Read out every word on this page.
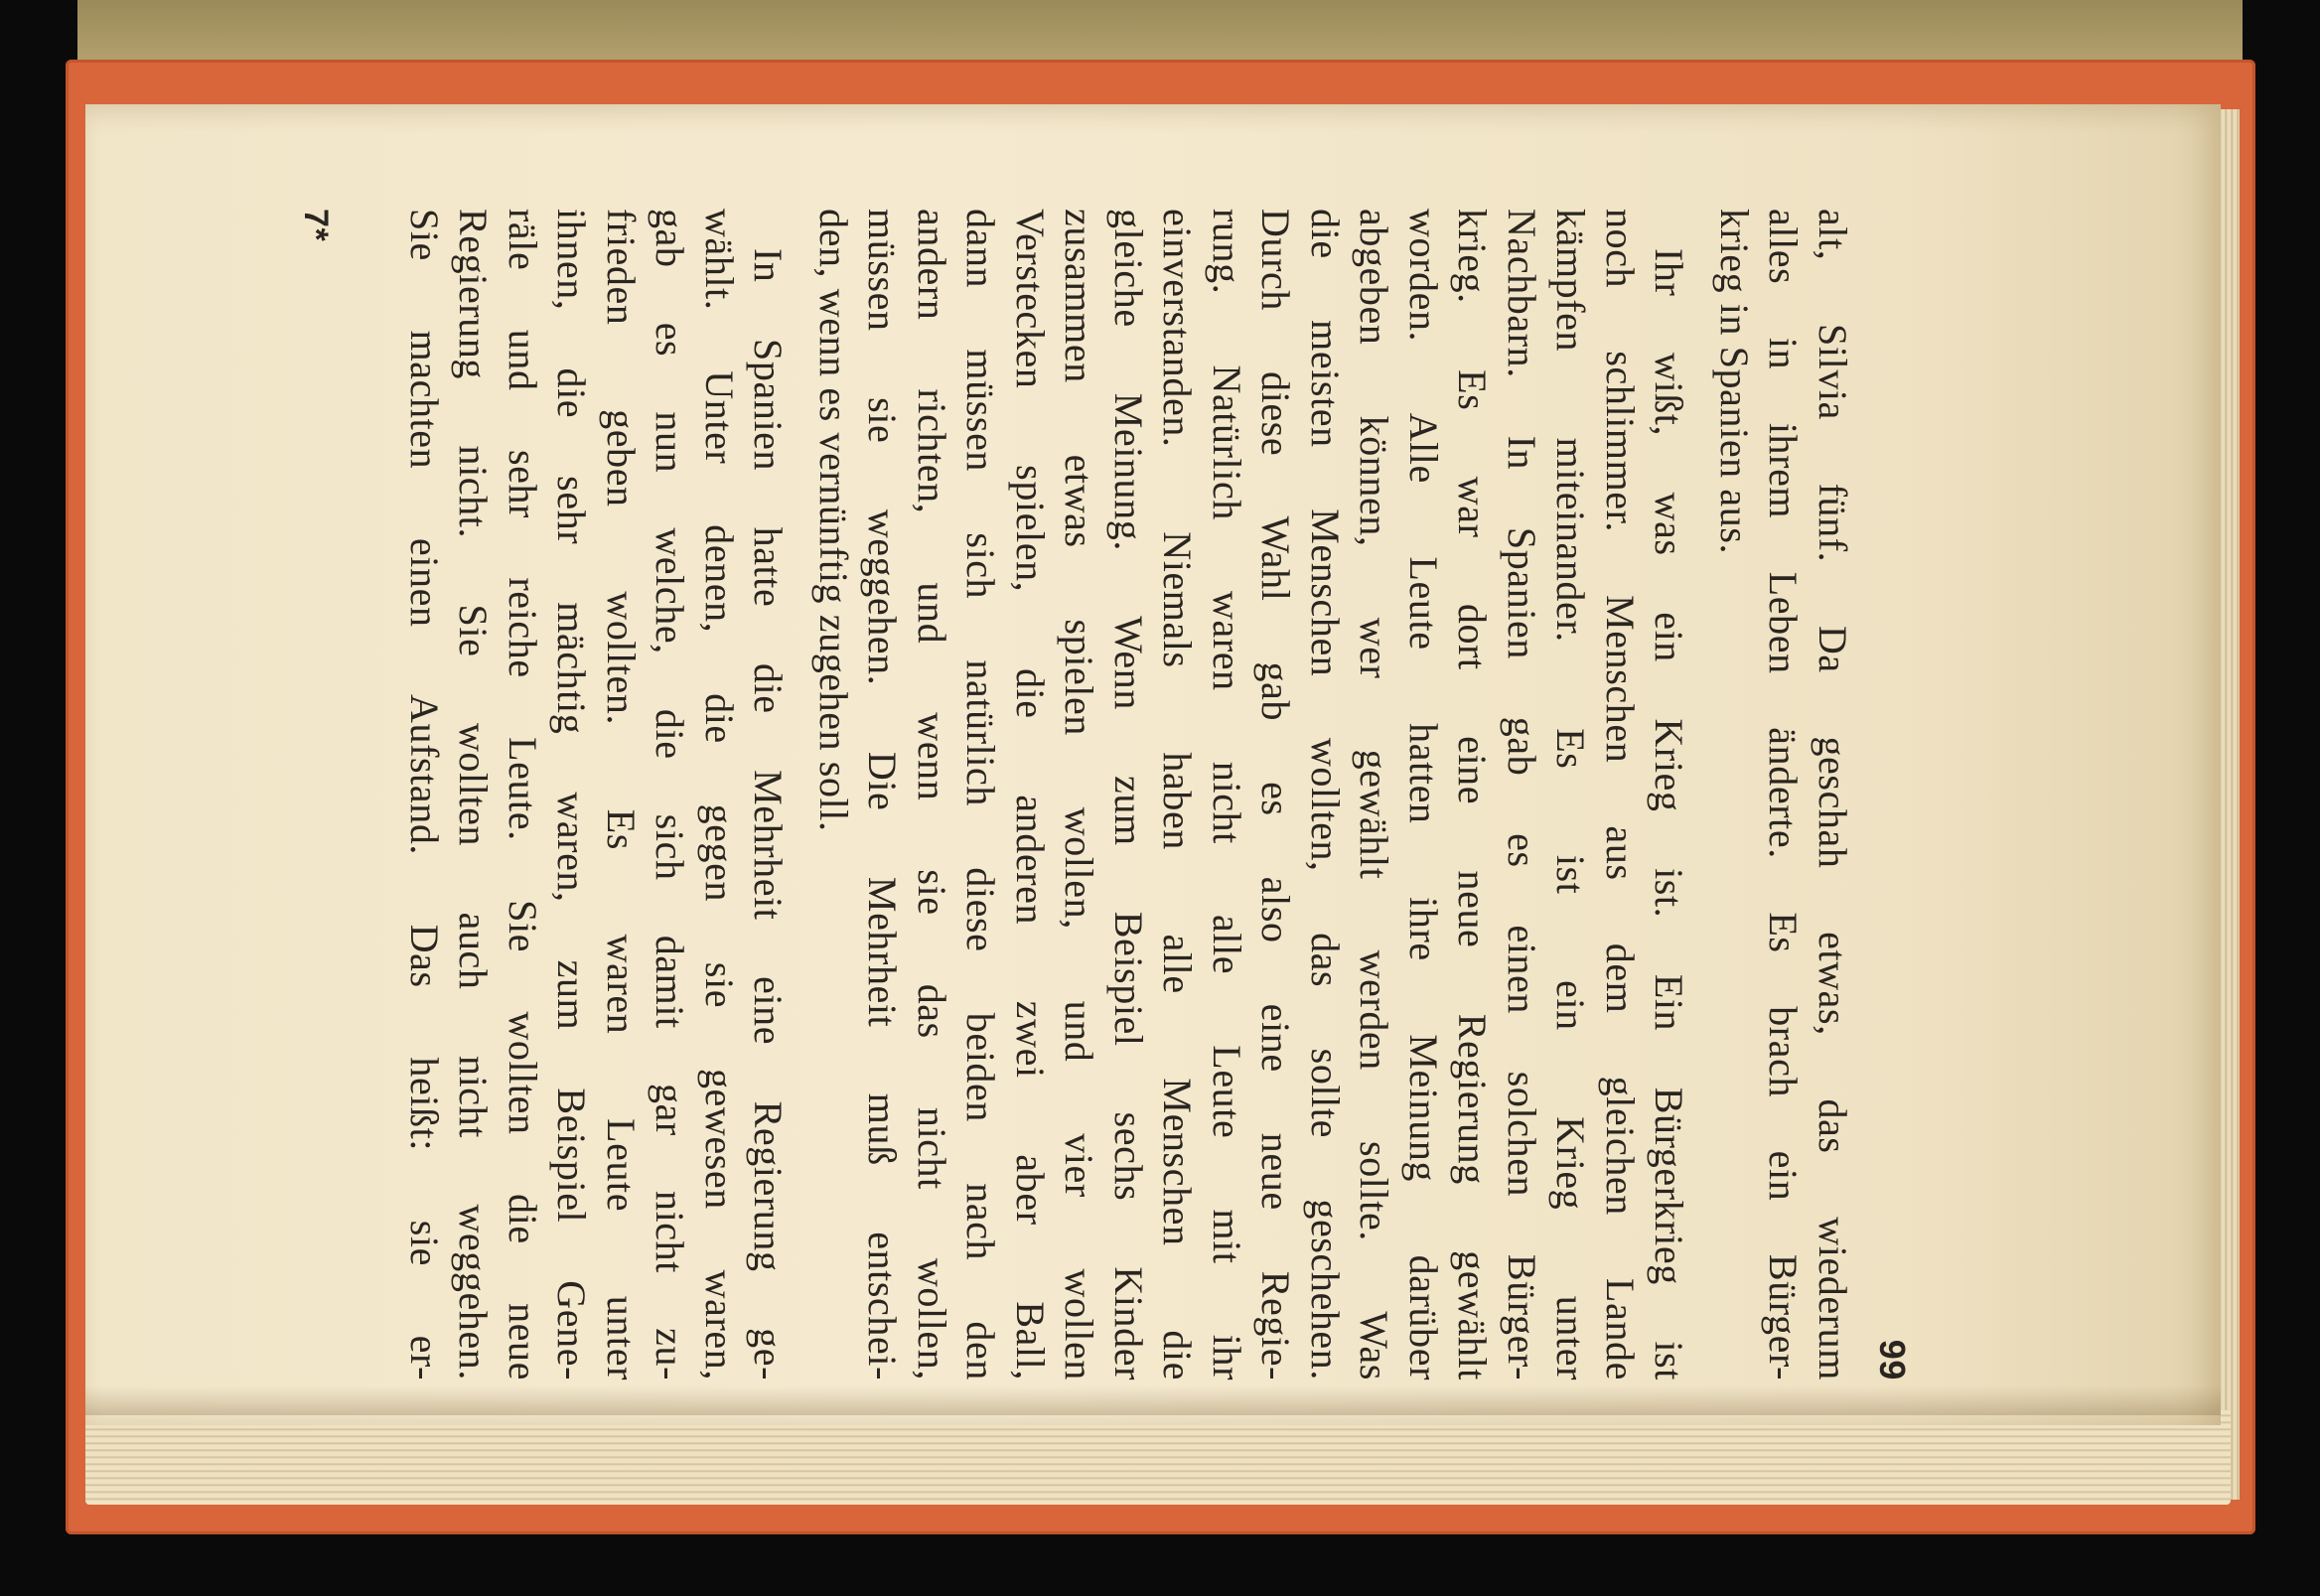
99
alt, Silvia fünf. Da geschah etwas, das wiederum
alles in ihrem Leben änderte. Es brach ein Bürger-
krieg in Spanien aus.
Ihr wißt, was ein Krieg ist. Ein Bürgerkrieg ist
noch schlimmer. Menschen aus dem gleichen Lande
kämpfen miteinander. Es ist ein Krieg unter
Nachbarn. In Spanien gab es einen solchen Bürger-
krieg. Es war dort eine neue Regierung gewählt
worden. Alle Leute hatten ihre Meinung darüber
abgeben können, wer gewählt werden sollte. Was
die meisten Menschen wollten, das sollte geschehen.
Durch diese Wahl gab es also eine neue Regie-
rung. Natürlich waren nicht alle Leute mit ihr
einverstanden. Niemals haben alle Menschen die
gleiche Meinung. Wenn zum Beispiel sechs Kinder
zusammen etwas spielen wollen, und vier wollen
Verstecken spielen, die anderen zwei aber Ball,
dann müssen sich natürlich diese beiden nach den
andern richten, und wenn sie das nicht wollen,
müssen sie weggehen. Die Mehrheit muß entschei-
den, wenn es vernünftig zugehen soll.
In Spanien hatte die Mehrheit eine Regierung ge-
wählt. Unter denen, die gegen sie gewesen waren,
gab es nun welche, die sich damit gar nicht zu-
frieden geben wollten. Es waren Leute unter
ihnen, die sehr mächtig waren, zum Beispiel Gene-
räle und sehr reiche Leute. Sie wollten die neue
Regierung nicht. Sie wollten auch nicht weggehen.
Sie machten einen Aufstand. Das heißt: sie er-
7*
